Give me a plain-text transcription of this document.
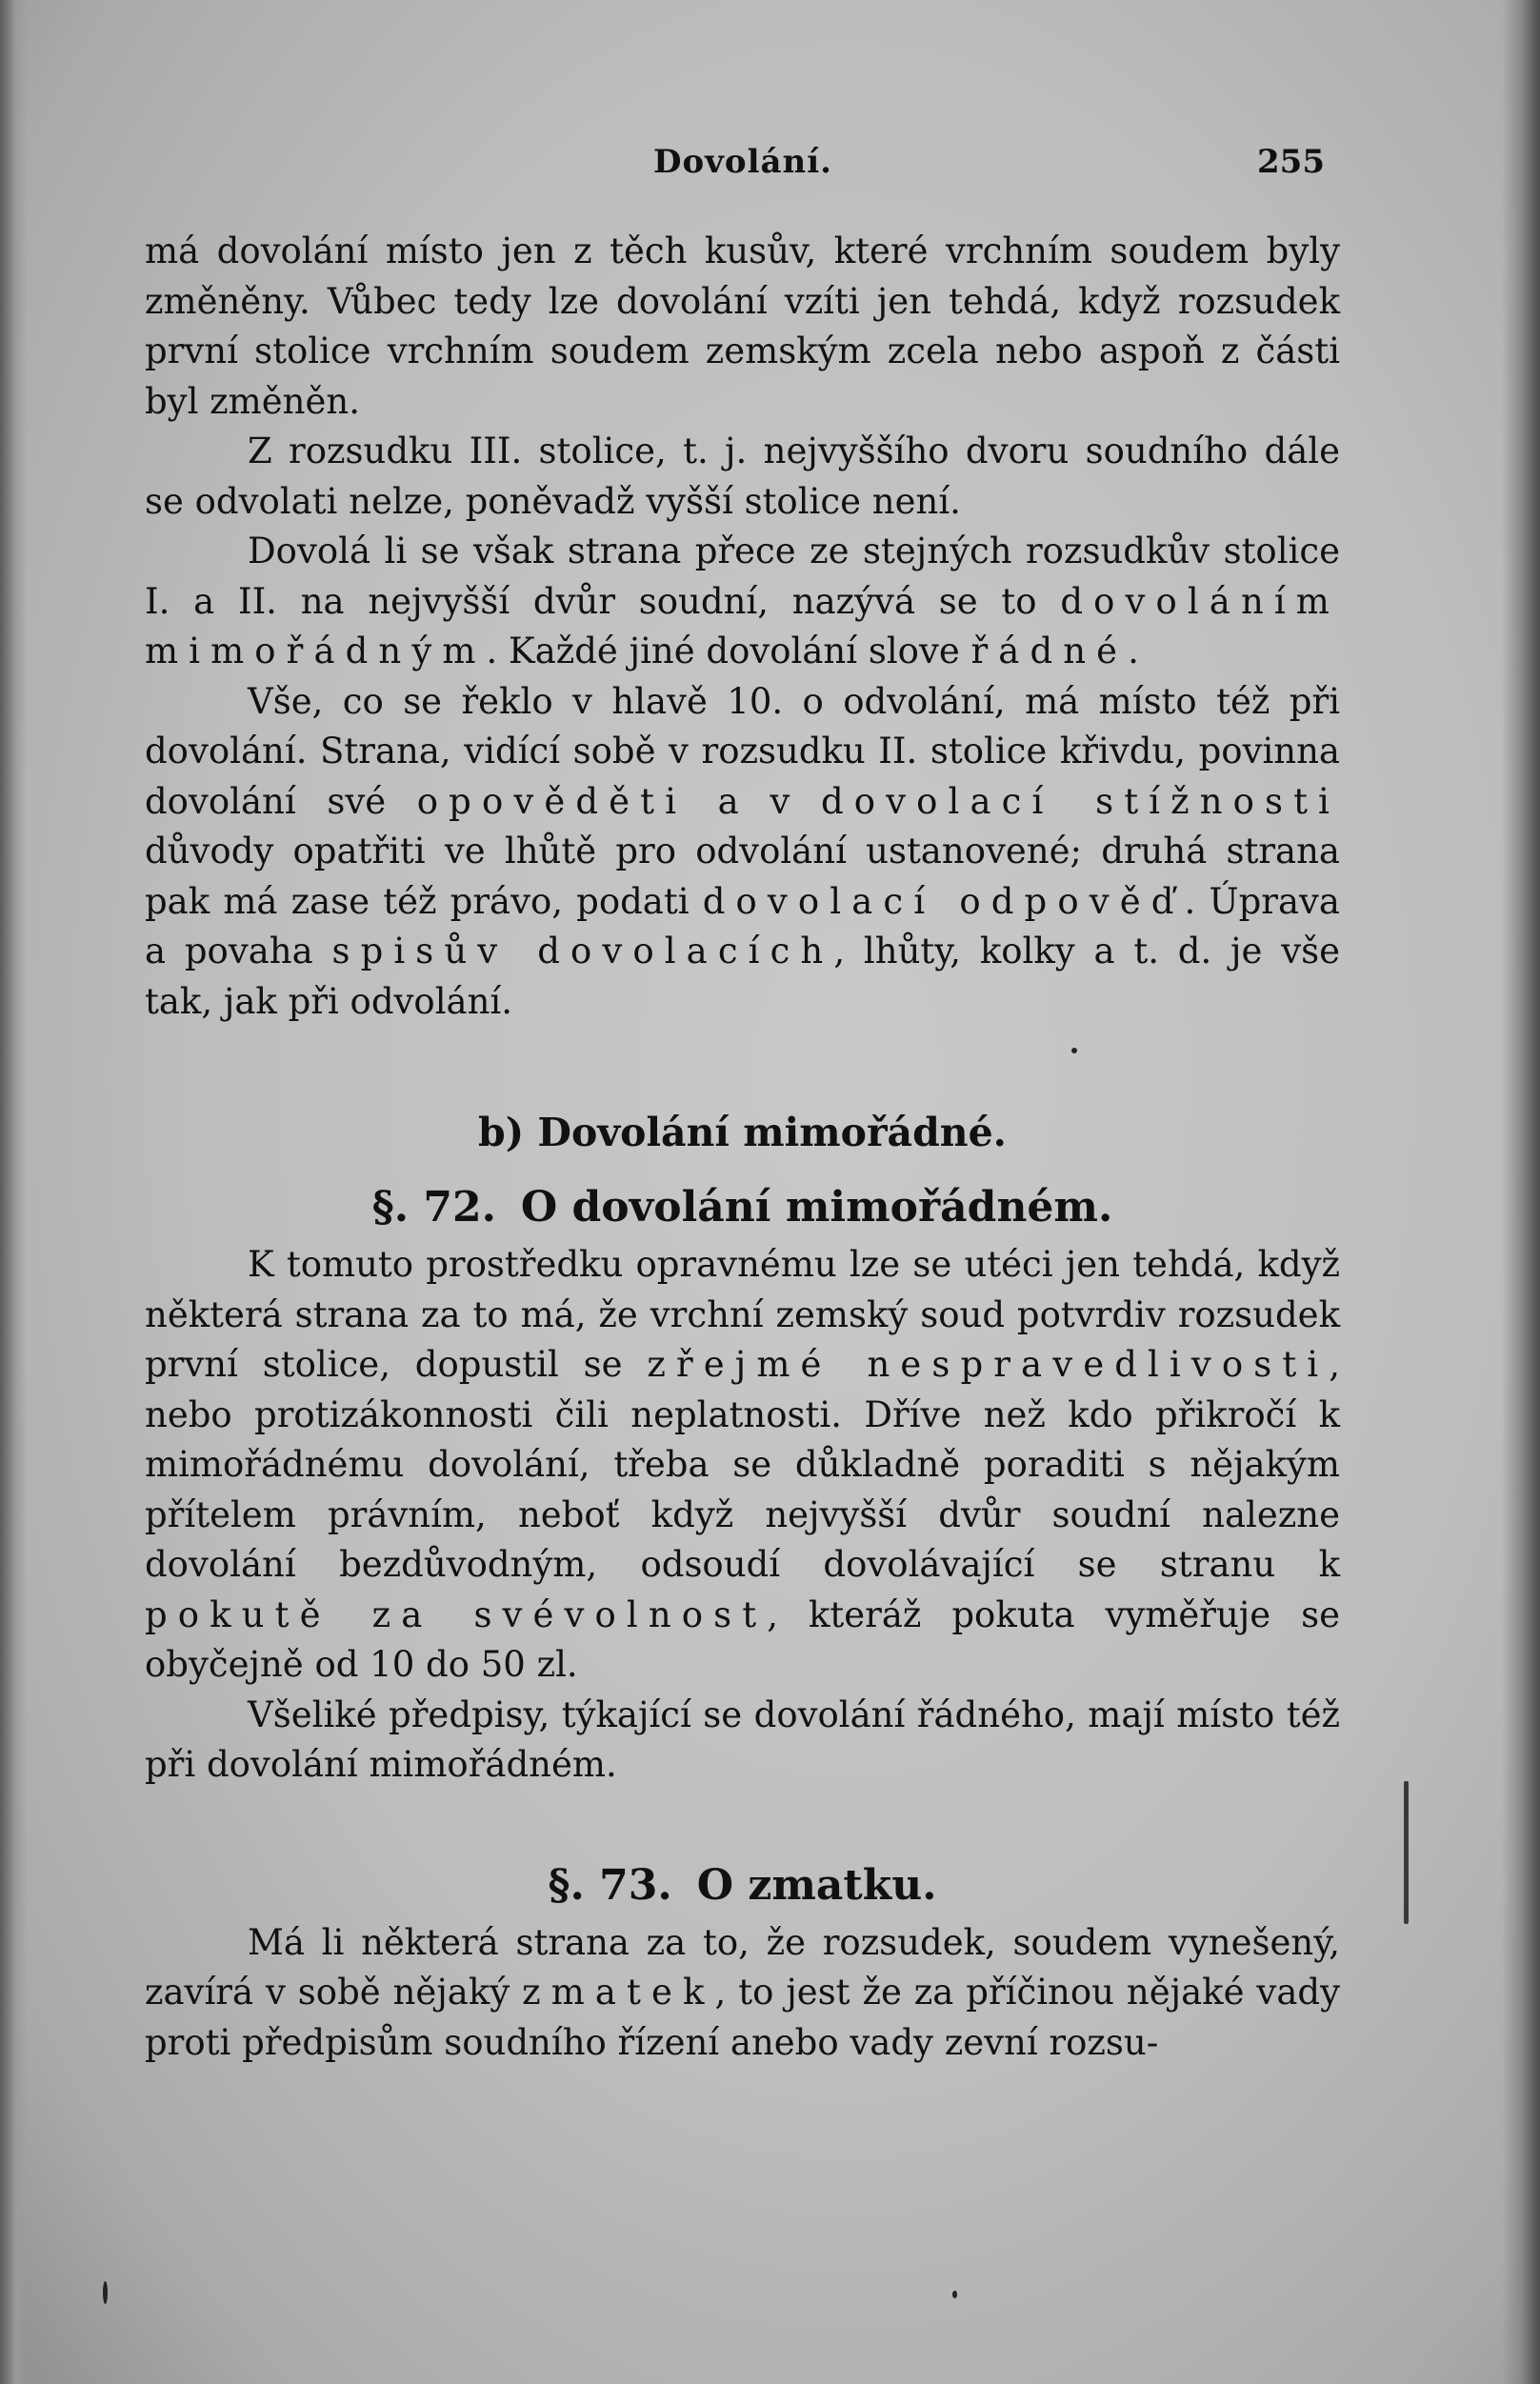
Dovolání.	255

má dovolání místo jen z těch kusův, které vrchním soudem byly změněny. Vůbec tedy lze dovolání vzíti jen tehdá, když rozsudek první stolice vrchním soudem zemským zcela nebo aspoň z části byl změněn.

Z rozsudku III. stolice, t. j. nejvyššího dvoru soudního dále se odvolati nelze, poněvadž vyšší stolice není.

Dovolá li se však strana přece ze stejných rozsudkův stolice I. a II. na nejvyšší dvůr soudní, nazývá se to dovoláním mimořádným. Každé jiné dovolání slove řádné.

Vše, co se řeklo v hlavě 10. o odvolání, má místo též při dovolání. Strana, vidící sobě v rozsudku II. stolice křivdu, povinna dovolání své opověděti a v dovolací stížnosti důvody opatřiti ve lhůtě pro odvolání ustanovené; druhá strana pak má zase též právo, podati dovolací odpověď. Úprava a povaha spisův dovolacích, lhůty, kolky a t. d. je vše tak, jak při odvolání.

b) Dovolání mimořádné.

§. 72. O dovolání mimořádném.

K tomuto prostředku opravnému lze se utéci jen tehdá, když některá strana za to má, že vrchní zemský soud potvrdiv rozsudek první stolice, dopustil se zřejmé nespravedlivosti, nebo protizákonnosti čili neplatnosti. Dříve než kdo přikročí k mimořádnému dovolání, třeba se důkladně poraditi s nějakým přítelem právním, neboť když nejvyšší dvůr soudní nalezne dovolání bezdůvodným, odsoudí dovolávající se stranu k pokutě za svévolnost, kteráž pokuta vyměřuje se obyčejně od 10 do 50 zl.

Všeliké předpisy, týkající se dovolání řádného, mají místo též při dovolání mimořádném.

§. 73. O zmatku.

Má li některá strana za to, že rozsudek, soudem vynešený, zavírá v sobě nějaký zmatek, to jest že za příčinou nějaké vady proti předpisům soudního řízení anebo vady zevní rozsu-
